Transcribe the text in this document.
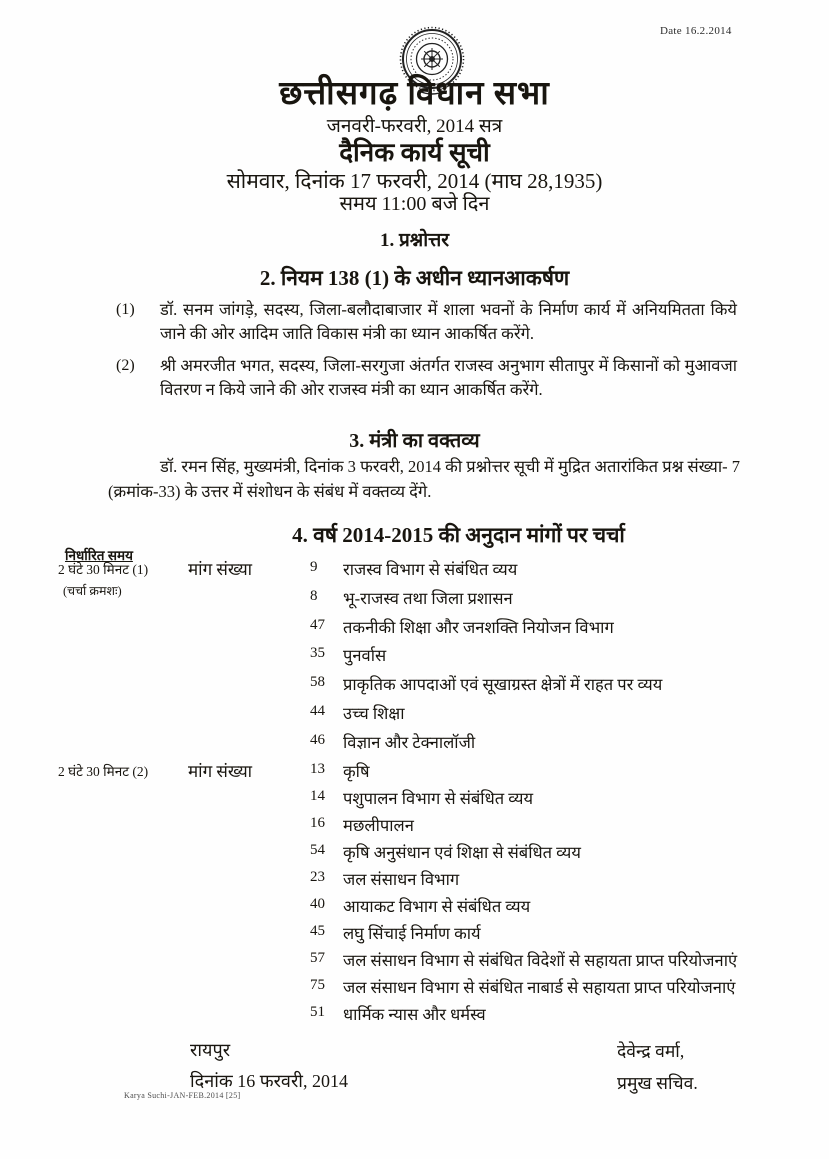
Date 16.2.2014
छत्तीसगढ़ विधान सभा
जनवरी-फरवरी, 2014 सत्र
दैनिक कार्य सूची
सोमवार, दिनांक 17 फरवरी, 2014 (माघ 28,1935)
समय 11:00 बजे दिन
1. प्रश्नोत्तर
2. नियम 138 (1) के अधीन ध्यानआकर्षण
(1) डॉ. सनम जांगड़े, सदस्य, जिला-बलौदाबाजार में शाला भवनों के निर्माण कार्य में अनियमितता किये जाने की ओर आदिम जाति विकास मंत्री का ध्यान आकर्षित करेंगे.
(2) श्री अमरजीत भगत, सदस्य, जिला-सरगुजा अंतर्गत राजस्व अनुभाग सीतापुर में किसानों को मुआवजा वितरण न किये जाने की ओर राजस्व मंत्री का ध्यान आकर्षित करेंगे.
3. मंत्री का वक्तव्य
डॉ. रमन सिंह, मुख्यमंत्री, दिनांक 3 फरवरी, 2014 की प्रश्नोत्तर सूची में मुद्रित अतारांकित प्रश्न संख्या- 7 (क्रमांक-33) के उत्तर में संशोधन के संबंध में वक्तव्य देंगे.
4. वर्ष 2014-2015 की अनुदान मांगों पर चर्चा
निर्धारित समय
2 घंटे 30 मिनट (1)
(चर्चा क्रमशः)
मांग संख्या	9	राजस्व विभाग से संबंधित व्यय
8	भू-राजस्व तथा जिला प्रशासन
47	तकनीकी शिक्षा और जनशक्ति नियोजन विभाग
35	पुनर्वास
58	प्राकृतिक आपदाओं एवं सूखाग्रस्त क्षेत्रों में राहत पर व्यय
44	उच्च शिक्षा
46	विज्ञान और टेक्नालॉजी
2 घंटे 30 मिनट (2)	मांग संख्या	13	कृषि
14	पशुपालन विभाग से संबंधित व्यय
16	मछलीपालन
54	कृषि अनुसंधान एवं शिक्षा से संबंधित व्यय
23	जल संसाधन विभाग
40	आयाकट विभाग से संबंधित व्यय
45	लघु सिंचाई निर्माण कार्य
57	जल संसाधन विभाग से संबंधित विदेशों से सहायता प्राप्त परियोजनाएं
75	जल संसाधन विभाग से संबंधित नाबार्ड से सहायता प्राप्त परियोजनाएं
51	धार्मिक न्यास और धर्मस्व
रायपुर
दिनांक 16 फरवरी, 2014
देवेन्द्र वर्मा,
प्रमुख सचिव.
Karya Suchi-JAN-FEB.2014 [25]
